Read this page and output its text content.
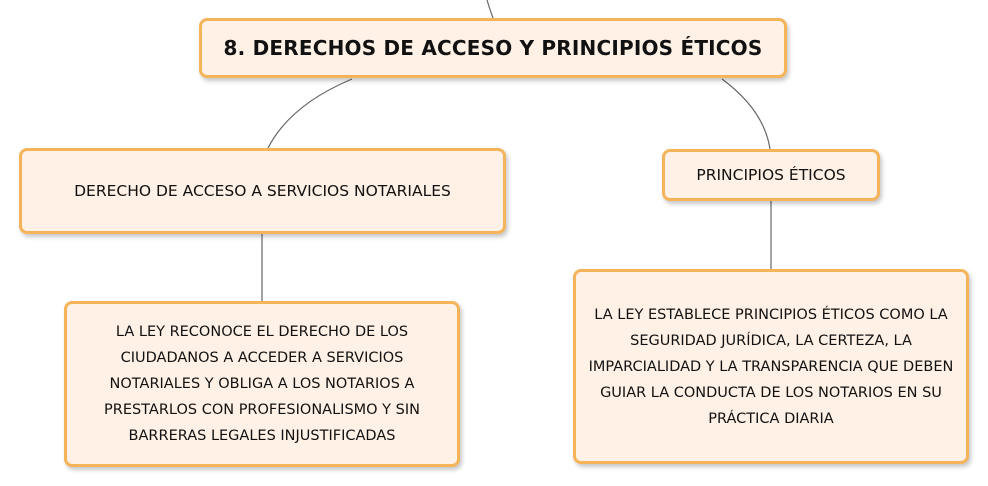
8. DERECHOS DE ACCESO Y PRINCIPIOS ÉTICOS
DERECHO DE ACCESO A SERVICIOS NOTARIALES
PRINCIPIOS ÉTICOS
LA LEY RECONOCE EL DERECHO DE LOS CIUDADANOS A ACCEDER A SERVICIOS NOTARIALES Y OBLIGA A LOS NOTARIOS A PRESTARLOS CON PROFESIONALISMO Y SIN BARRERAS LEGALES INJUSTIFICADAS
LA LEY ESTABLECE PRINCIPIOS ÉTICOS COMO LA SEGURIDAD JURÍDICA, LA CERTEZA, LA IMPARCIALIDAD Y LA TRANSPARENCIA QUE DEBEN GUIAR LA CONDUCTA DE LOS NOTARIOS EN SU PRÁCTICA DIARIA
